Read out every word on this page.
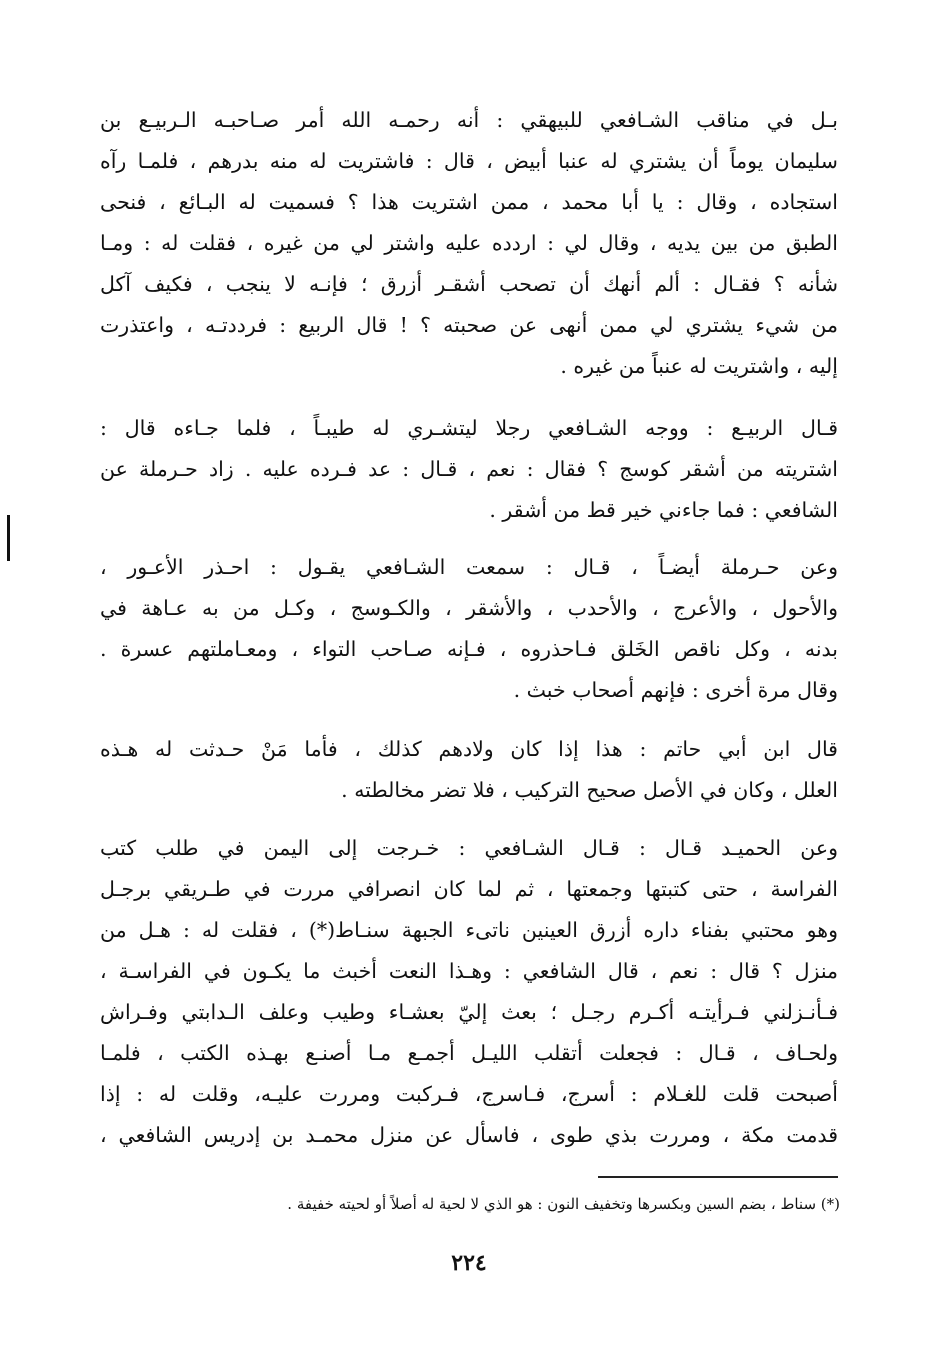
بـل في مناقب الشـافعي للبيهقي : أنه رحمـه الله أمر صـاحبـه الـربيـع بن
سليمان يوماً أن يشتري له عنبا أبيض ، قال : فاشتريت له منه بدرهم ، فلمـا رآه
استجاده ، وقال : يا أبا محمد ، ممن اشتريت هذا ؟ فسميت له البـائع ، فنحى
الطبق من بين يديه ، وقال لي : اردده عليه واشتر لي من غيره ، فقلت له : ومـا
شأنه ؟ فقـال : ألم أنهك أن تصحب أشقـر أزرق ؛ فإنـه لا ينجب ، فكيف آكل
من شيء يشتري لي ممن أنهى عن صحبته ؟ ! قال الربيع : فرددتـه ، واعتذرت
إليه ، واشتريت له عنباً من غيره .
قـال الربيـع : ووجه الشـافعي رجلا ليتشـري له طيبـاً ، فلما جـاءه قال :
اشتريته من أشقر كوسج ؟ فقال : نعم ، قـال : عد فـرده عليه . زاد حـرملة عن
الشافعي : فما جاءني خير قط من أشقر .
وعن حـرملة أيضـاً ، قـال : سمعت الشـافعي يقـول : احـذر الأعـور ،
والأحول ، والأعرج ، والأحدب ، والأشقر ، والكـوسج ، وكـل من به عـاهة في
بدنه ، وكل ناقص الخَلق فـاحذروه ، فـإنه صـاحب التواء ، ومعـاملتهم عسرة .
وقال مرة أخرى : فإنهم أصحاب خبث .
قال ابن أبي حاتم : هذا إذا كان ولادهم كذلك ، فأما مَنْ حـدثت له هـذه
العلل ، وكان في الأصل صحيح التركيب ، فلا تضر مخالطته .
وعن الحميـد قـال : قـال الشـافعي : خـرجت إلى اليمن في طلب كتب
الفراسة ، حتى كتبتها وجمعتها ، ثم لما كان انصرافي مررت في طـريقي برجـل
وهو محتبي بفناء داره أزرق العينين ناتىء الجبهة سنـاط(*) ، فقلت له : هـل من
منزل ؟ قال : نعم ، قال الشافعي : وهـذا النعت أخبث ما يكـون في الفراسـة ،
فـأنـزلني فـرأيتـه أكـرم رجـل ؛ بعث إليّ بعشـاء وطيب وعلف الـدابتي وفـراش
ولحـاف ، قـال : فجعلت أتقلب الليـل أجمـع مـا أصنـع بهـذه الكتب ، فلمـا
أصبحت قلت للغـلام : أسرج، فـاسرج، فـركبت ومررت عليـه، وقلت له : إذا
قدمت مكة ، ومررت بذي طوى ، فاسأل عن منزل محمـد بن إدريس الشافعي ،
(*) سناط ، بضم السين وبكسرها وتخفيف النون : هو الذي لا لحية له أصلاً أو لحيته خفيفة .
٢٢٤
